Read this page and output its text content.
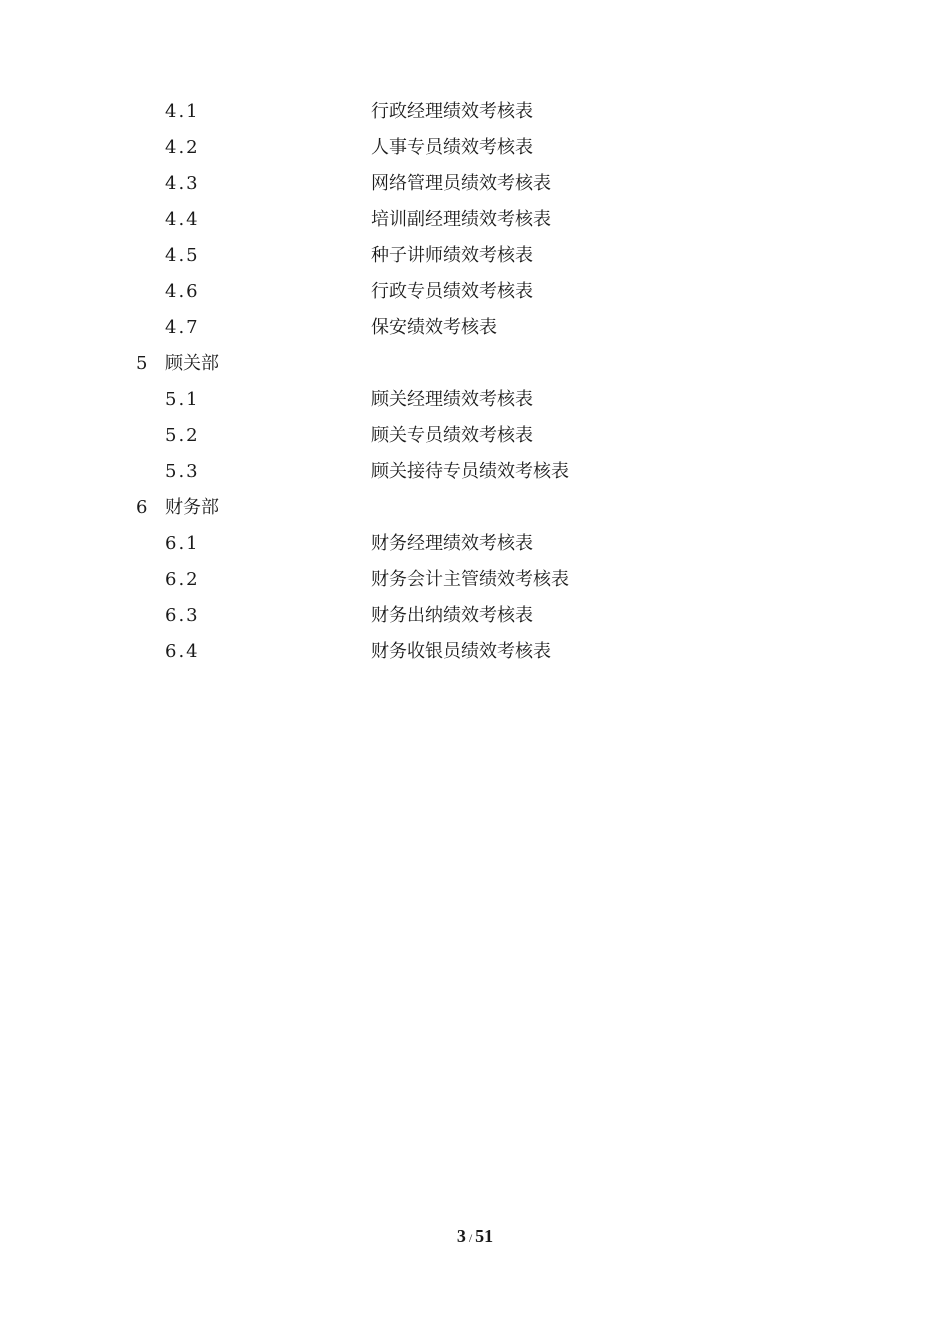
4.1	行政经理绩效考核表
4.2	人事专员绩效考核表
4.3	网络管理员绩效考核表
4.4	培训副经理绩效考核表
4.5	种子讲师绩效考核表
4.6	行政专员绩效考核表
4.7	保安绩效考核表
5 顾关部
5.1	顾关经理绩效考核表
5.2	顾关专员绩效考核表
5.3	顾关接待专员绩效考核表
6 财务部
6.1	财务经理绩效考核表
6.2	财务会计主管绩效考核表
6.3	财务出纳绩效考核表
6.4	财务收银员绩效考核表
3 / 51
